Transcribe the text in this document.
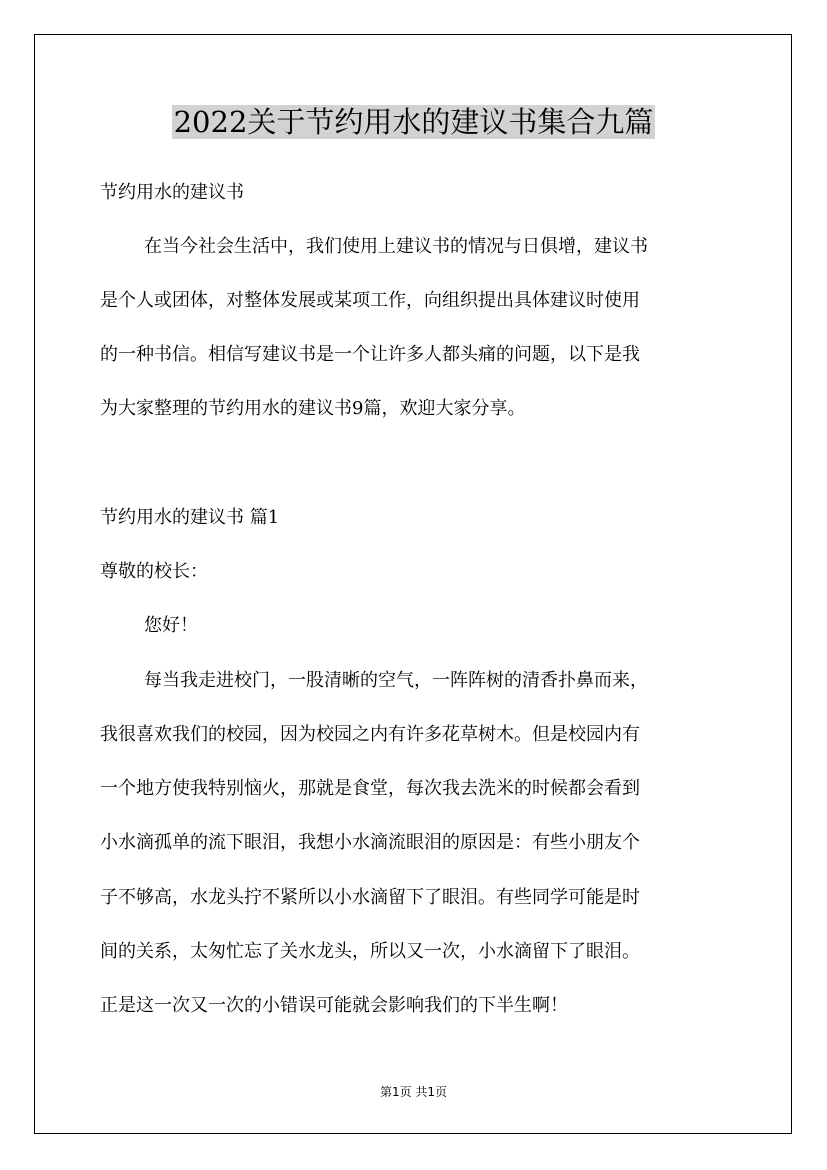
2022关于节约用水的建议书集合九篇
节约用水的建议书
在当今社会生活中，我们使用上建议书的情况与日俱增，建议书
是个人或团体，对整体发展或某项工作，向组织提出具体建议时使用
的一种书信。相信写建议书是一个让许多人都头痛的问题，以下是我
为大家整理的节约用水的建议书9篇，欢迎大家分享。
节约用水的建议书 篇1
尊敬的校长：
您好！
每当我走进校门，一股清晰的空气，一阵阵树的清香扑鼻而来，
我很喜欢我们的校园，因为校园之内有许多花草树木。但是校园内有
一个地方使我特别恼火，那就是食堂，每次我去洗米的时候都会看到
小水滴孤单的流下眼泪，我想小水滴流眼泪的原因是：有些小朋友个
子不够高，水龙头拧不紧所以小水滴留下了眼泪。有些同学可能是时
间的关系，太匆忙忘了关水龙头，所以又一次，小水滴留下了眼泪。
正是这一次又一次的小错误可能就会影响我们的下半生啊！
第1页 共1页
